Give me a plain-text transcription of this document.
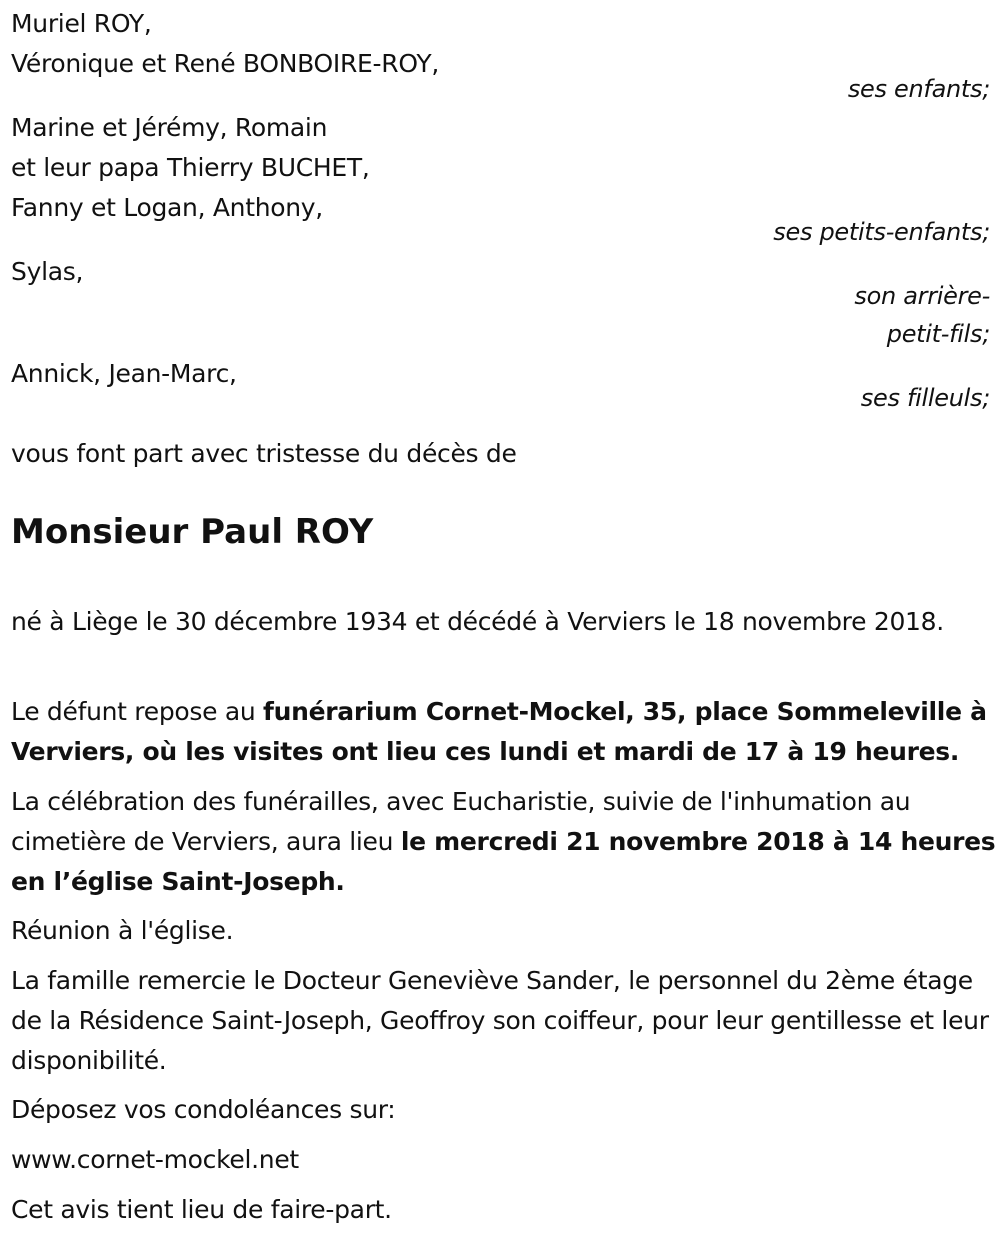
Muriel ROY,
Véronique et René BONBOIRE-ROY,
ses enfants;
Marine et Jérémy, Romain
et leur papa Thierry BUCHET,
Fanny et Logan, Anthony,
ses petits-enfants;
Sylas,
son arrière-
petit-fils;
Annick, Jean-Marc,
ses filleuls;
vous font part avec tristesse du décès de
Monsieur Paul ROY
né à Liège le 30 décembre 1934 et décédé à Verviers le 18 novembre 2018.
Le défunt repose au funérarium Cornet-Mockel, 35, place Sommeleville à Verviers, où les visites ont lieu ces lundi et mardi de 17 à 19 heures.
La célébration des funérailles, avec Eucharistie, suivie de l'inhumation au cimetière de Verviers, aura lieu le mercredi 21 novembre 2018 à 14 heures en l’église Saint-Joseph.
Réunion à l'église.
La famille remercie le Docteur Geneviève Sander, le personnel du 2ème étage de la Résidence Saint-Joseph, Geoffroy son coiffeur, pour leur gentillesse et leur disponibilité.
Déposez vos condoléances sur:
www.cornet-mockel.net
Cet avis tient lieu de faire-part.
